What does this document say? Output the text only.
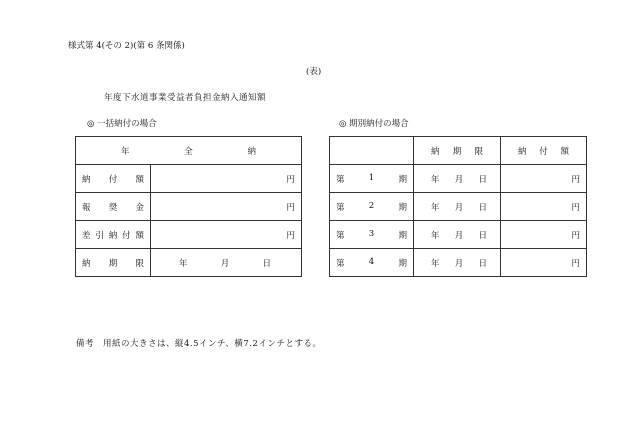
様式第 4(その 2)(第 6 条関係)
(表)
年度下水道事業受益者負担金納入通知額
◎ 一括納付の場合	◎ 期別納付の場合
年 全 納	

納 付 額	円

報 奨 金	円

差 引 納 付 額	円

納 期 限	年 月 日

	納 期 限	納 付 額

第 1 期	年 月 日	円

第 2 期	年 月 日	円

第 3 期	年 月 日	円

第 4 期	年 月 日	円
備考　用紙の大きさは、縦4.5インチ、横7.2インチとする。
